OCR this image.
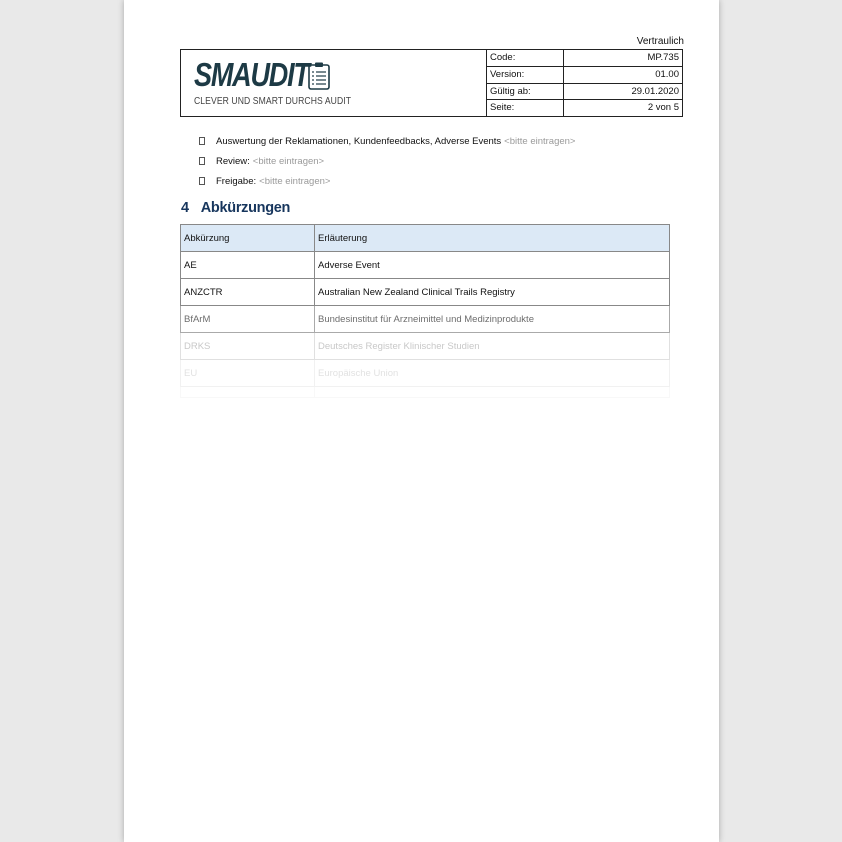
Vertraulich
SMAUDIT
CLEVER UND SMART DURCHS AUDIT
Code:	MP.735
Version:	01.00
Gültig ab:	29.01.2020
Seite:	2 von 5
Auswertung der Reklamationen, Kundenfeedbacks, Adverse Events <bitte eintragen>
Review: <bitte eintragen>
Freigabe: <bitte eintragen>
4 Abkürzungen
Abkürzung	Erläuterung
AE	Adverse Event
ANZCTR	Australian New Zealand Clinical Trails Registry
BfArM	Bundesinstitut für Arzneimittel und Medizinprodukte
DRKS	Deutsches Register Klinischer Studien
EU	Europäische Union
